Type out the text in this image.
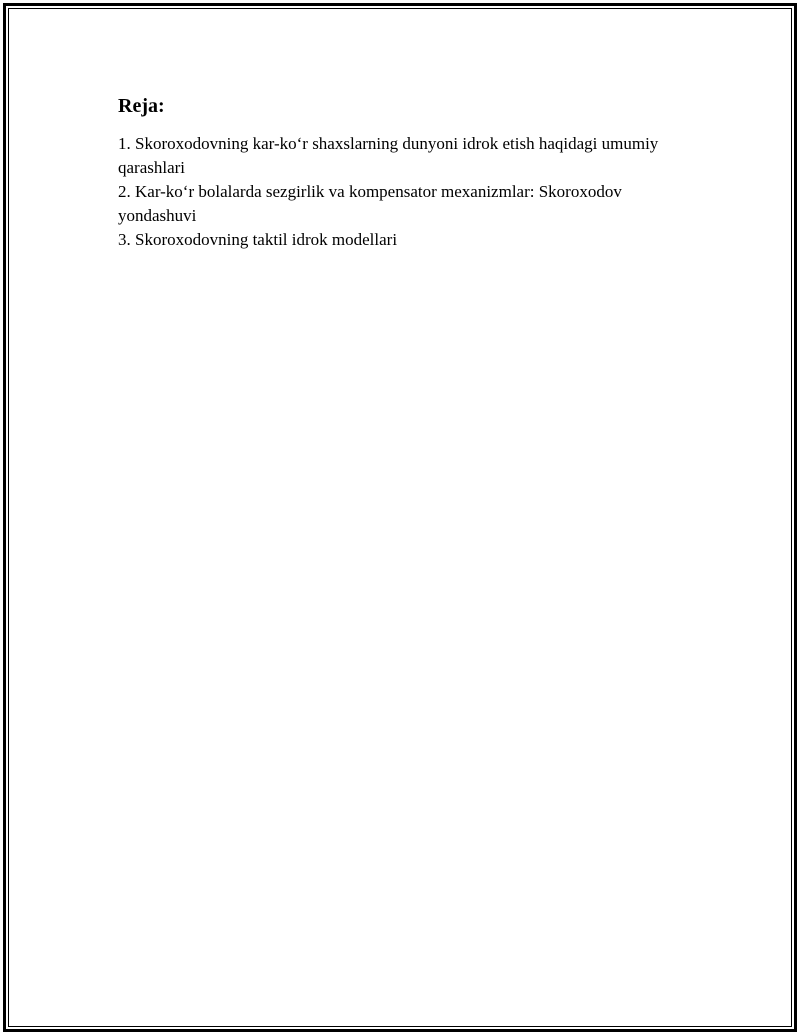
Reja:
1. Skoroxodovning kar-ko‘r shaxslarning dunyoni idrok etish haqidagi umumiy qarashlari
2. Kar-ko‘r bolalarda sezgirlik va kompensator mexanizmlar: Skoroxodov yondashuvi
3. Skoroxodovning taktil idrok modellari
